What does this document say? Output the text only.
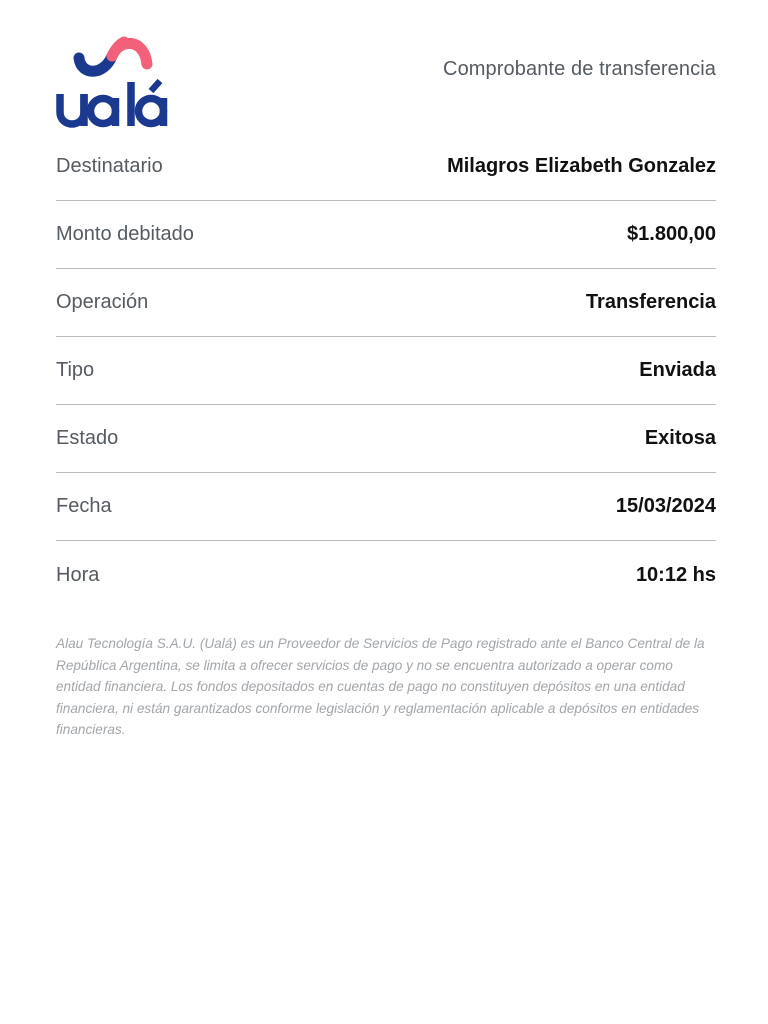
Comprobante de transferencia
Destinatario	Milagros Elizabeth Gonzalez
Monto debitado	$1.800,00
Operación	Transferencia
Tipo	Enviada
Estado	Exitosa
Fecha	15/03/2024
Hora	10:12 hs
Alau Tecnología S.A.U. (Ualá) es un Proveedor de Servicios de Pago registrado ante el Banco Central de la República Argentina, se limita a ofrecer servicios de pago y no se encuentra autorizado a operar como entidad financiera. Los fondos depositados en cuentas de pago no constituyen depósitos en una entidad financiera, ni están garantizados conforme legislación y reglamentación aplicable a depósitos en entidades financieras.
